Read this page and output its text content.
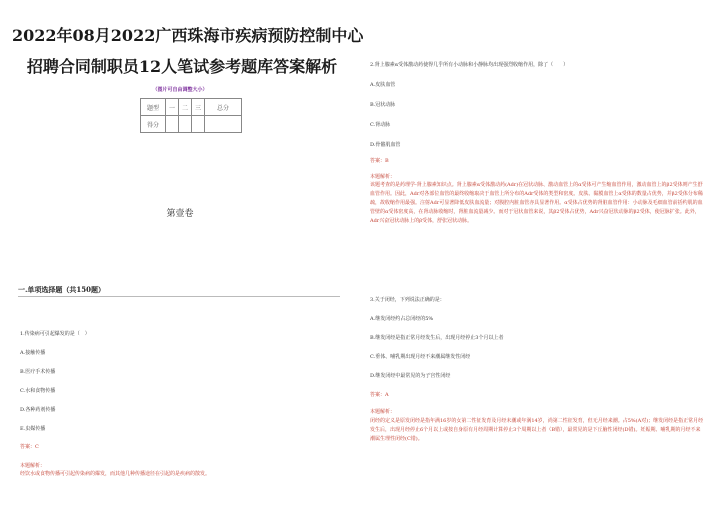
2022年08月2022广西珠海市疾病预防控制中心
招聘合同制职员12人笔试参考题库答案解析
（图片可自由调整大小）
题型	一	二	三	总分
得分				
第壹卷
一.单项选择题（共150题）
1.传染病可引起爆发的是（　）
A.接触传播
B.医疗手术传播
C.水和食物传播
D.各种药剂传播
E.虫媒传播
答案：C
本题解析：
经饮水或食物传播可引起传染病的爆发，而其他几种传播途径在引起的是疾病的散发。
2.肾上腺素α受体激动药使得几乎所有小动脉和小静脉均出现强烈收缩作用，除了（　　）
A.皮肤血管
B.冠状动脉
C.肾动脉
D.骨骼肌血管
答案：B
本题解析：
该题考查的是药理学-肾上腺素知识点。肾上腺素α受体激动药(Adr)在冠状动脉、激动血管上的α受体可产生缩血管作用，激动血管上的β2受体则产生舒血管作用。因此，Adr对各部位血管的最终收缩取决于血管上所分布的Adr受体的类型和密度。皮肤、黏膜血管上α受体的数量占优势，并β2受体分布稀疏，故收缩作用最强。注射Adr可显著降低皮肤血流量；对腹腔内脏血管亦具显著作用。α受体占优势的肾脏血管作用：小动脉及毛细血管前括约肌的血管壁的α受体密度高，在肾动脉收缩时，肾脏血流量减少。而对于冠状血管来说，其β2受体占优势，Adr兴奋冠状动脉的β2受体，使冠脉扩张。此外，Adr兴奋冠状动脉上的β受体，舒张冠状动脉。
3.关于闭经，下列说法正确的是：
A.继发闭经约占总闭经的5%
B.继发闭经是指正常月经发生后，出现月经停止3个月以上者
C.垂体、哺乳期出现月经不来潮属继发性闭经
D.继发闭经中最常见的为子宫性闭经
答案：A
本题解析：
闭经的定义是原发闭经是指年满16岁的女第二性征发育及月经未潮或年满14岁，尚第二性征发育，但无月经来潮。占5%(A对)；继发闭经是指正常月经发生后，出现月经停止6个月以上或按自身原有月经周期计算停止3个周期以上者（B错），最常见的是下丘脑性闭经(D错)。妊娠期、哺乳期的月经不来潮属生理性闭经(C错)。
